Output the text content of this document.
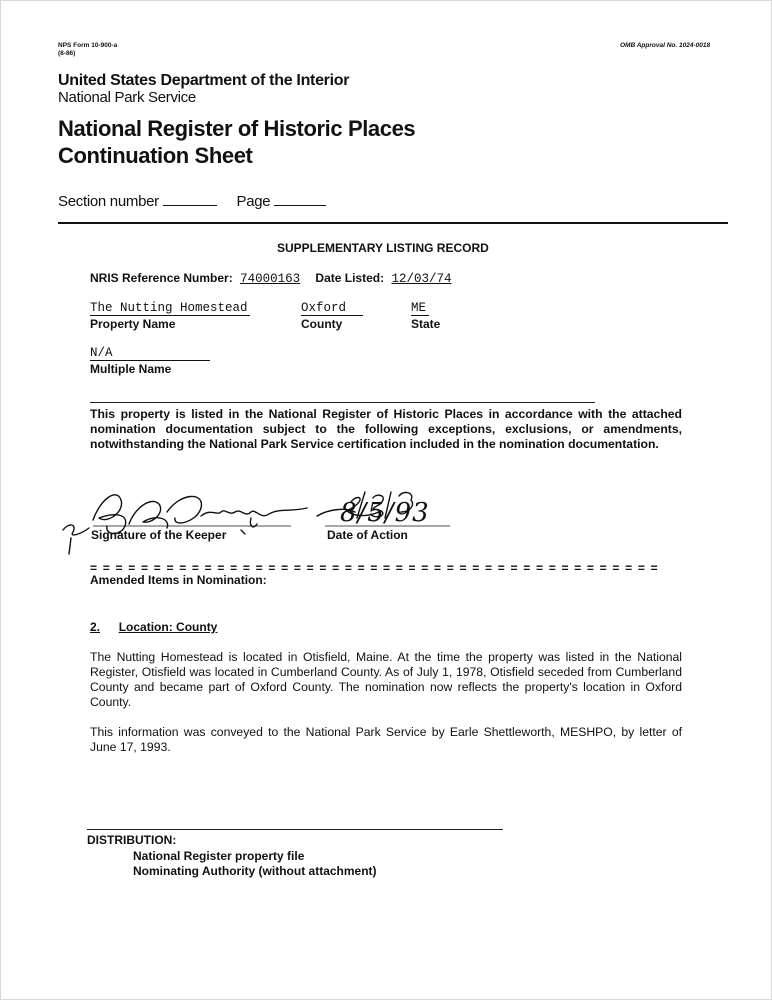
NPS Form 10-900-a
(8-86)
OMB Approval No. 1024-0018
United States Department of the Interior
National Park Service
National Register of Historic Places
Continuation Sheet
Section number	Page
SUPPLEMENTARY LISTING RECORD
NRIS Reference Number: 74000163 Date Listed: 12/03/74
The Nutting Homestead
Property Name
Oxford
County
ME
State
N/A
Multiple Name
This property is listed in the National Register of Historic Places in accordance with the attached nomination documentation subject to the following exceptions, exclusions, or amendments, notwithstanding the National Park Service certification included in the nomination documentation.
Signature of the Keeper	Date of Action
8/5/93
= = = = = = = = = = = = = = = = = = = = = = = = = = = = = = = = = = = = = = = = = = = = =
Amended Items in Nomination:
2. Location: County
The Nutting Homestead is located in Otisfield, Maine. At the time the property was listed in the National Register, Otisfield was located in Cumberland County. As of July 1, 1978, Otisfield seceded from Cumberland County and became part of Oxford County. The nomination now reflects the property's location in Oxford County.
This information was conveyed to the National Park Service by Earle Shettleworth, MESHPO, by letter of June 17, 1993.
DISTRIBUTION:
National Register property file
Nominating Authority (without attachment)
